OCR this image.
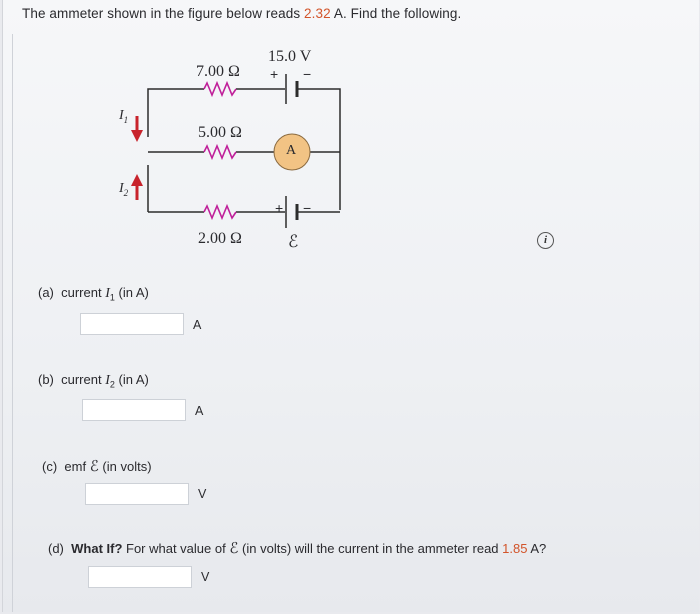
The ammeter shown in the figure below reads 2.32 A. Find the following.
7.00 Ω
5.00 Ω
2.00 Ω
15.0 V
+ −
A
+ −
ℰ
$I_1$
$I_2$
i
(a) current $I_1$ (in A)
A
(b) current $I_2$ (in A)
A
(c) emf ℰ (in volts)
V
(d) What If? For what value of ℰ (in volts) will the current in the ammeter read 1.85 A?
V
